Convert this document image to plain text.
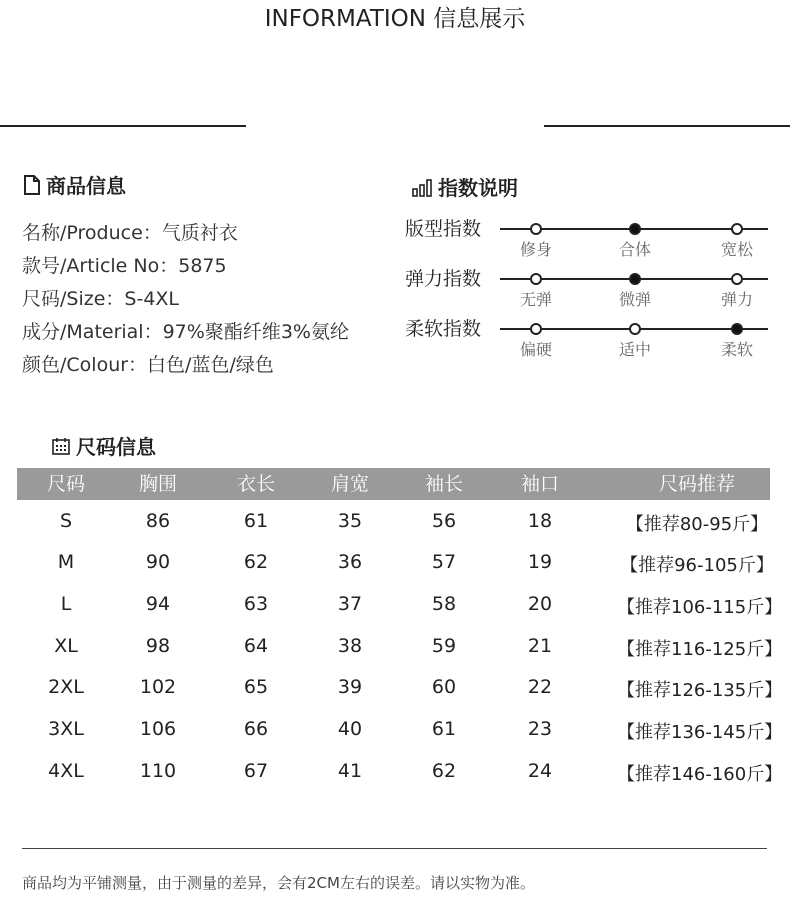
INFORMATION 信息展示
商品信息
名称/Produce：气质衬衣
款号/Article No：5875
尺码/Size：S-4XL
成分/Material：97%聚酯纤维3%氨纶
颜色/Colour：白色/蓝色/绿色
指数说明
版型指数
修身	合体	宽松
弹力指数
无弹	微弹	弹力
柔软指数
偏硬	适中	柔软
尺码信息
尺码	胸围	衣长	肩宽	袖长	袖口	尺码推荐
S	86	61	35	56	18	【推荐80-95斤】
M	90	62	36	57	19	【推荐96-105斤】
L	94	63	37	58	20	【推荐106-115斤】
XL	98	64	38	59	21	【推荐116-125斤】
2XL	102	65	39	60	22	【推荐126-135斤】
3XL	106	66	40	61	23	【推荐136-145斤】
4XL	110	67	41	62	24	【推荐146-160斤】
商品均为平铺测量，由于测量的差异，会有2CM左右的误差。请以实物为准。
